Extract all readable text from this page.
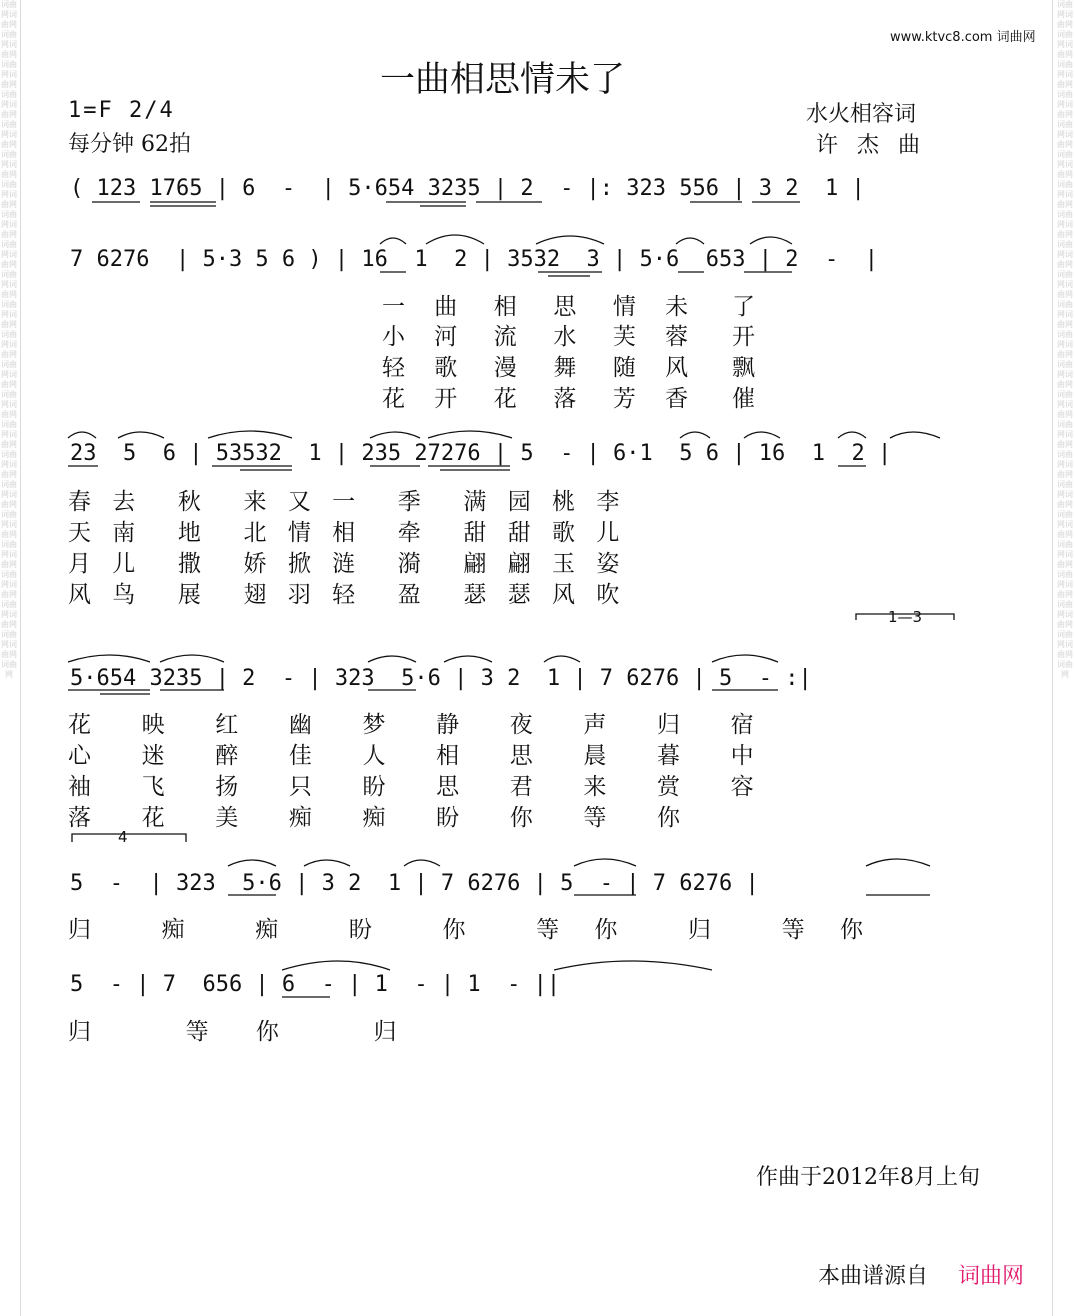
词曲网词曲网词曲网词曲网词曲网词曲网词曲网词曲网词曲网词曲网词曲网词曲网词曲网词曲网词曲网词曲网词曲网词曲网词曲网词曲网词曲网词曲网词曲网词曲网词曲网词曲网词曲网词曲网词曲网词曲网词曲网词曲网词曲网词曲网词曲网词曲网词曲网词曲网词曲网词曲网词曲网词曲网词曲网词曲网词曲网
词曲网词曲网词曲网词曲网词曲网词曲网词曲网词曲网词曲网词曲网词曲网词曲网词曲网词曲网词曲网词曲网词曲网词曲网词曲网词曲网词曲网词曲网词曲网词曲网词曲网词曲网词曲网词曲网词曲网词曲网词曲网词曲网词曲网词曲网词曲网词曲网词曲网词曲网词曲网词曲网词曲网词曲网词曲网词曲网词曲网
www.ktvc8.com 词曲网
一曲相思情未了
1=F 2/4
每分钟 62拍
水火相容词
许 杰 曲
( 123 1765 | 6  -  | 5·654 3235 | 2  - |: 323 556 | 3 2  1 |
7 6276  | 5·3 5 6 ) | 16  1  2 | 3532  3 | 5·6  653 | 2  -  |
一    曲     相     思     情    未      了
小    河     流     水     芙    蓉      开
轻    歌     漫     舞     随    风      飘
花    开     花     落     芳    香      催
23  5  6 | 53532  1 | 235 27276 | 5  - | 6·1  5 6 | 16  1  2 |
春 去  秋  来 又 一  季  满 园 桃 李
天 南  地  北 情 相  牵  甜 甜 歌 儿
月 儿  撒  娇 掀 涟  漪  翩 翩 玉 姿
风 鸟  展  翅 羽 轻  盈  瑟 瑟 风 吹
5·654 3235 | 2  - | 323  5·6 | 3 2  1 | 7 6276 | 5  - :|
花  映  红  幽  梦  静  夜  声  归  宿
心  迷  醉  佳  人  相  思  晨  暮  中
袖  飞  扬  只  盼  思  君  来  赏  容
落  花  美  痴  痴  盼  你  等  你
5  -  | 323  5·6 | 3 2  1 | 7 6276 | 5  - | 7 6276 |
归  痴  痴  盼  你  等 你  归  等 你
5  - | 7  656 | 6  - | 1  - | 1  - ||
归  等 你  归
1—3
4
作曲于2012年8月上旬
本曲谱源自 词曲网
